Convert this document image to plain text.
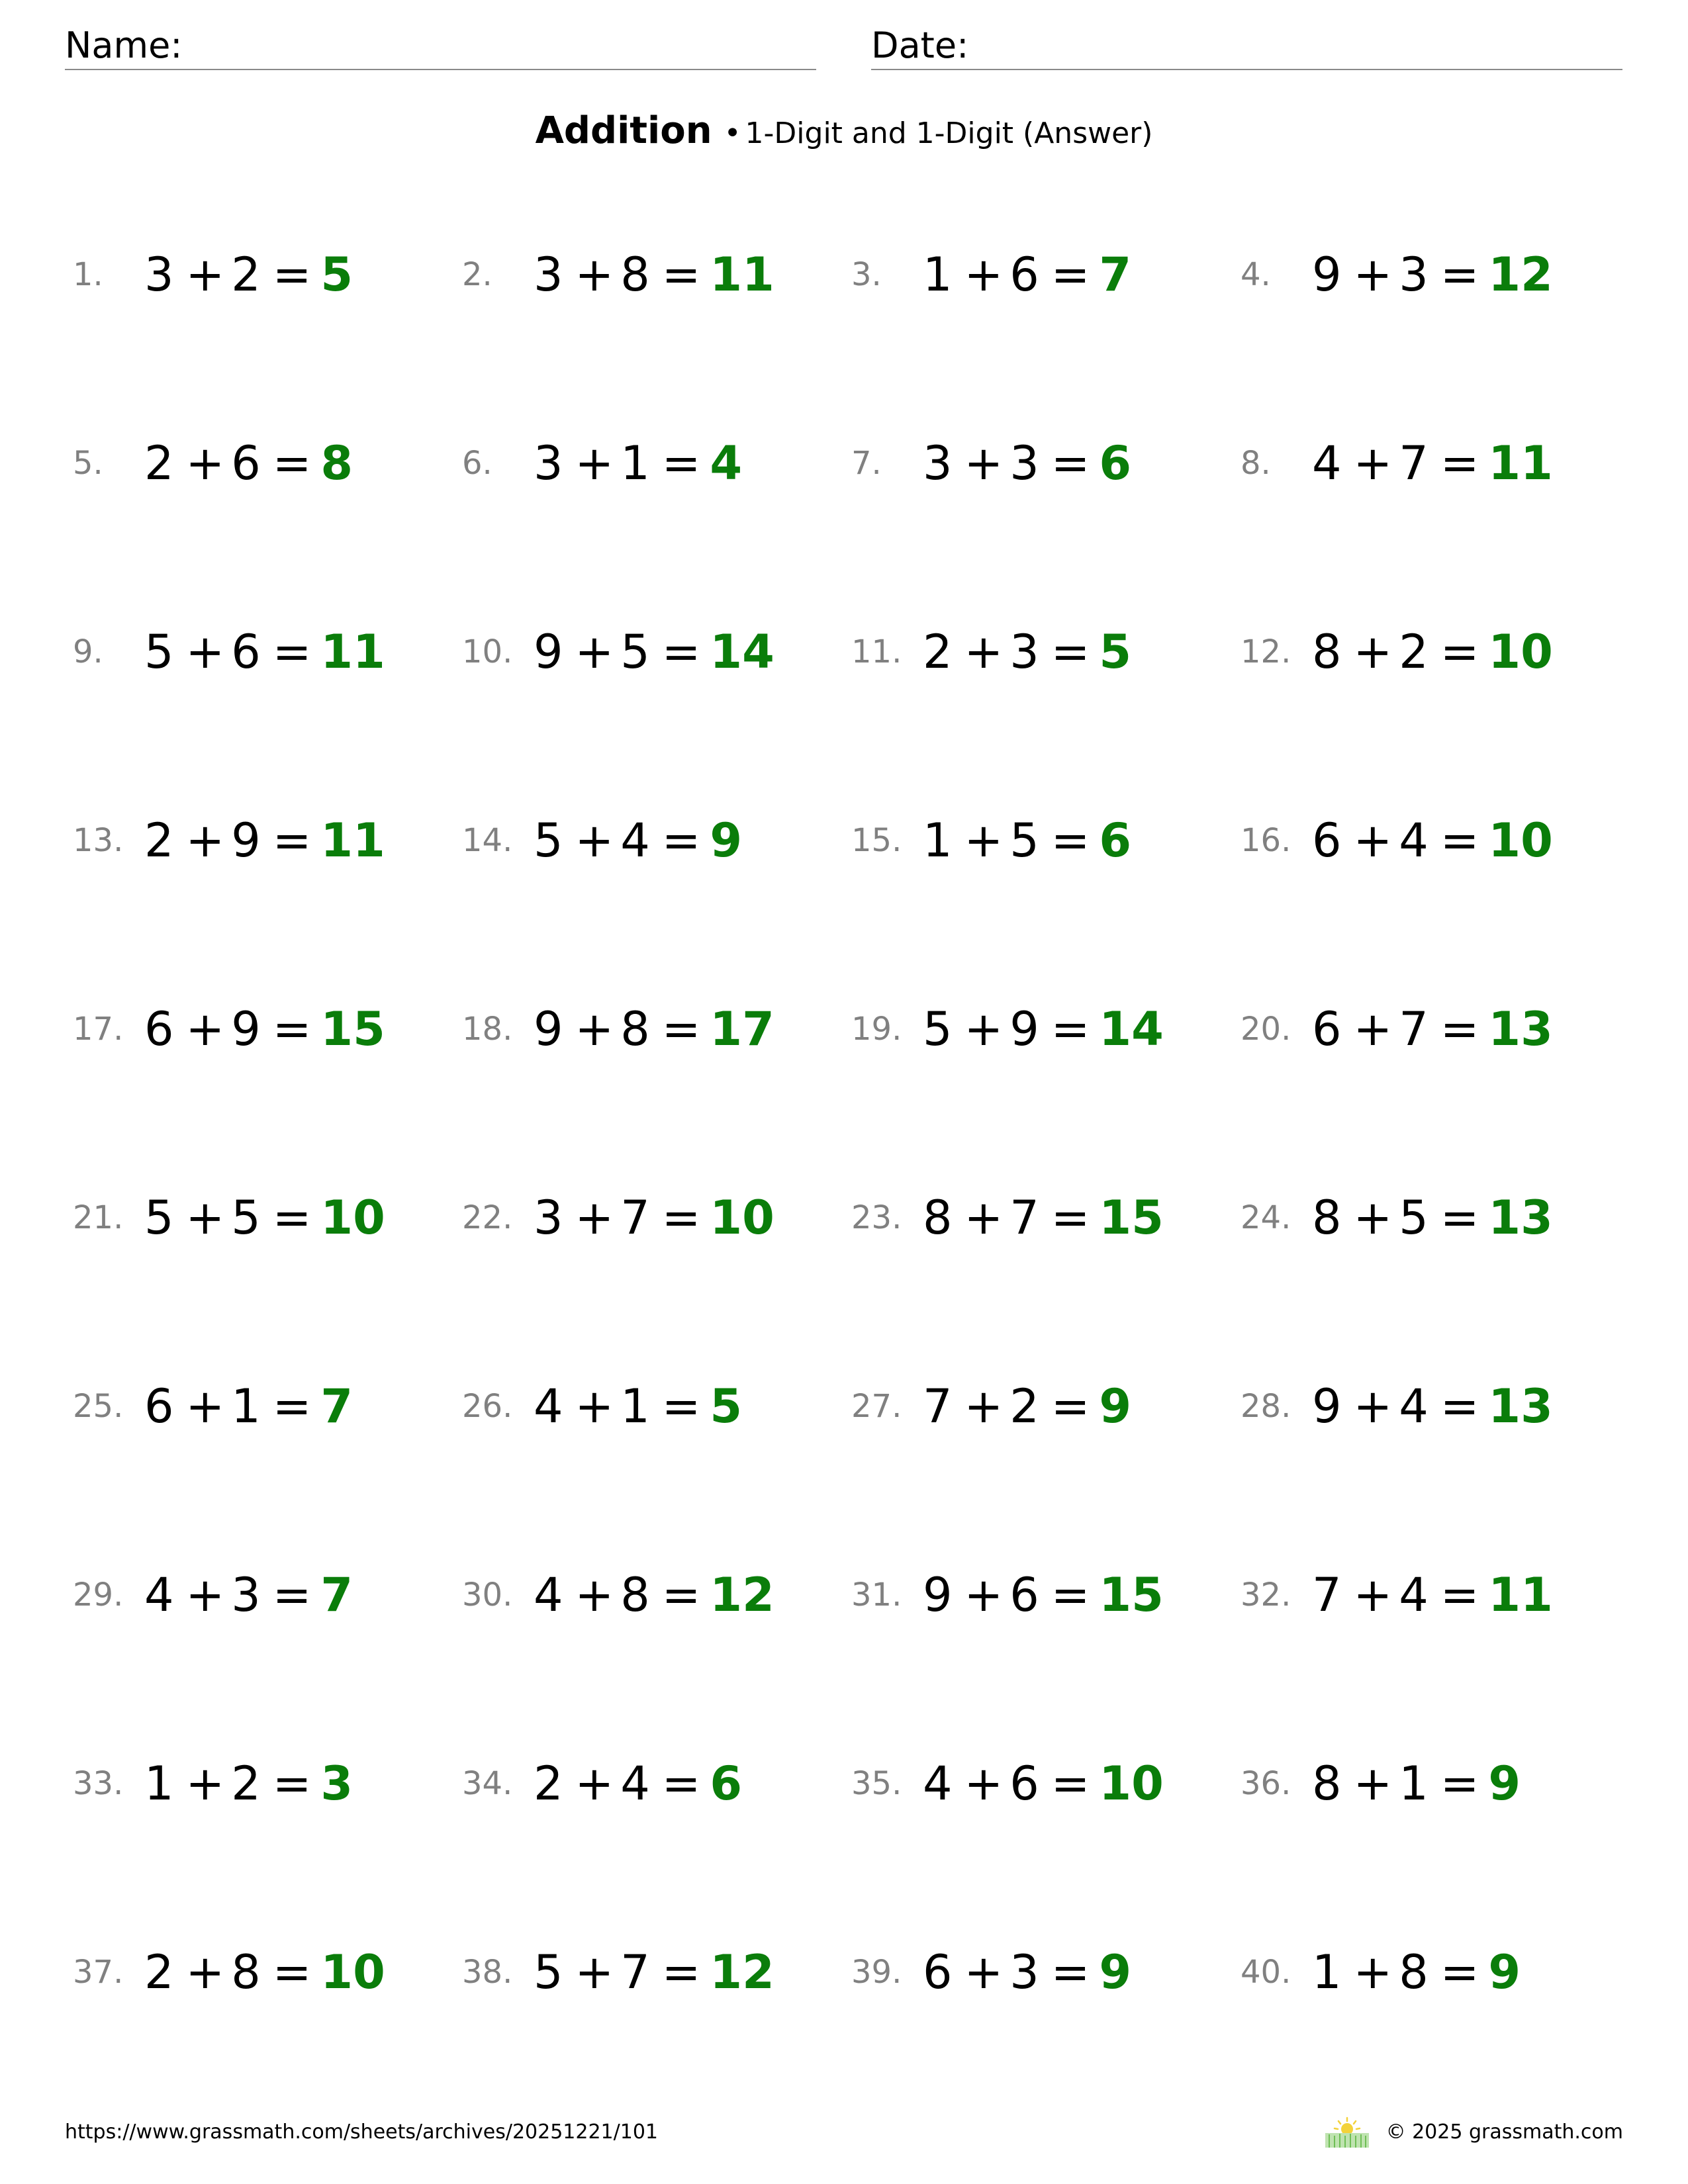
Name:	Date:
Addition • 1-Digit and 1-Digit (Answer)
1. 3 + 2 = 5	2. 3 + 8 = 11 3. 1 + 6 = 7	4. 9 + 3 = 12
5. 2 + 6 = 8	6. 3 + 1 = 4	7. 3 + 3 = 6	8. 4 + 7 = 11
9. 5 + 6 = 11 10. 9 + 5 = 14 11. 2 + 3 = 5	12. 8 + 2 = 10
13. 2 + 9 = 11 14. 5 + 4 = 9	15. 1 + 5 = 6	16. 6 + 4 = 10
17. 6 + 9 = 15 18. 9 + 8 = 17 19. 5 + 9 = 14 20. 6 + 7 = 13
21. 5 + 5 = 10 22. 3 + 7 = 10 23. 8 + 7 = 15 24. 8 + 5 = 13
25. 6 + 1 = 7	26. 4 + 1 = 5	27. 7 + 2 = 9	28. 9 + 4 = 13
29. 4 + 3 = 7	30. 4 + 8 = 12 31. 9 + 6 = 15 32. 7 + 4 = 11
33. 1 + 2 = 3	34. 2 + 4 = 6	35. 4 + 6 = 10 36. 8 + 1 = 9
37. 2 + 8 = 10 38. 5 + 7 = 12 39. 6 + 3 = 9	40. 1 + 8 = 9
https://www.grassmath.com/sheets/archives/20251221/101	© 2025 grassmath.com
